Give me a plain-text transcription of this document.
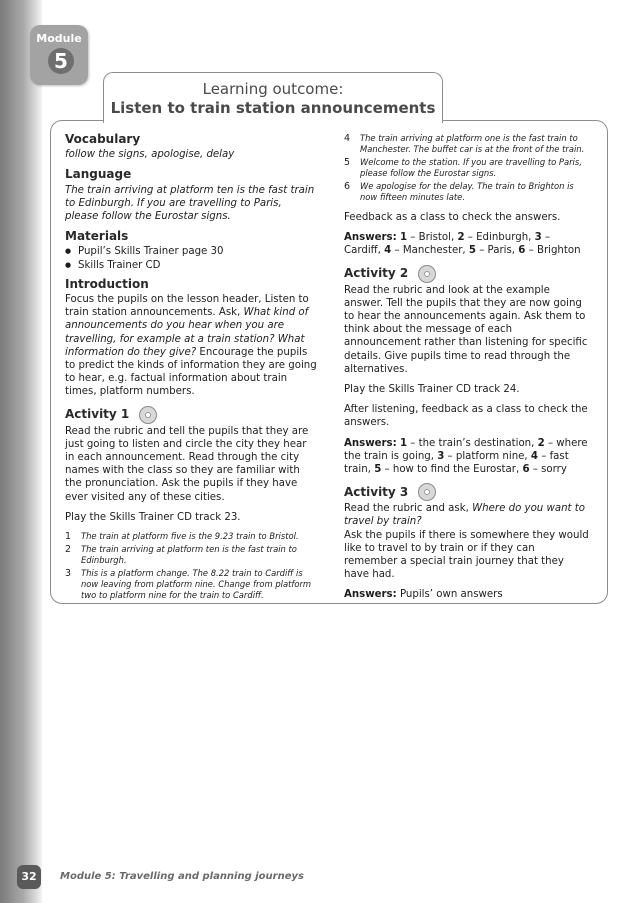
Module
5
Learning outcome:
Listen to train station announcements
Vocabulary

follow the signs, apologise, delay

Language

The train arriving at platform ten is the fast train to Edinburgh. If you are travelling to Paris, please follow the Eurostar signs.

Materials
● Pupil’s Skills Trainer page 30
● Skills Trainer CD
Introduction

Focus the pupils on the lesson header, Listen to train station announcements. Ask, What kind of announcements do you hear when you are travelling, for example at a train station? What information do they give? Encourage the pupils to predict the kinds of information they are going to hear, e.g. factual information about train times, platform numbers.

Activity 1

Read the rubric and tell the pupils that they are just going to listen and circle the city they hear in each announcement. Read through the city names with the class so they are familiar with the pronunciation. Ask the pupils if they have ever visited any of these cities.

Play the Skills Trainer CD track 23.

1 The train at platform five is the 9.23 train to Bristol.
2 The train arriving at platform ten is the fast train to Edinburgh.
3 This is a platform change. The 8.22 train to Cardiff is now leaving from platform nine. Change from platform two to platform nine for the train to Cardiff.
4 The train arriving at platform one is the fast train to Manchester. The buffet car is at the front of the train.
5 Welcome to the station. If you are travelling to Paris, please follow the Eurostar signs.
6 We apologise for the delay. The train to Brighton is now fifteen minutes late.

Feedback as a class to check the answers.

Answers: 1 – Bristol, 2 – Edinburgh, 3 – Cardiff, 4 – Manchester, 5 – Paris, 6 – Brighton

Activity 2

Read the rubric and look at the example answer. Tell the pupils that they are now going to hear the announcements again. Ask them to think about the message of each announcement rather than listening for specific details. Give pupils time to read through the alternatives.

Play the Skills Trainer CD track 24.

After listening, feedback as a class to check the answers.

Answers: 1 – the train’s destination, 2 – where the train is going, 3 – platform nine, 4 – fast train, 5 – how to find the Eurostar, 6 – sorry

Activity 3

Read the rubric and ask, Where do you want to travel by train?
Ask the pupils if there is somewhere they would like to travel to by train or if they can remember a special train journey that they have had.

Answers: Pupils’ own answers

32	Module 5: Travelling and planning journeys
